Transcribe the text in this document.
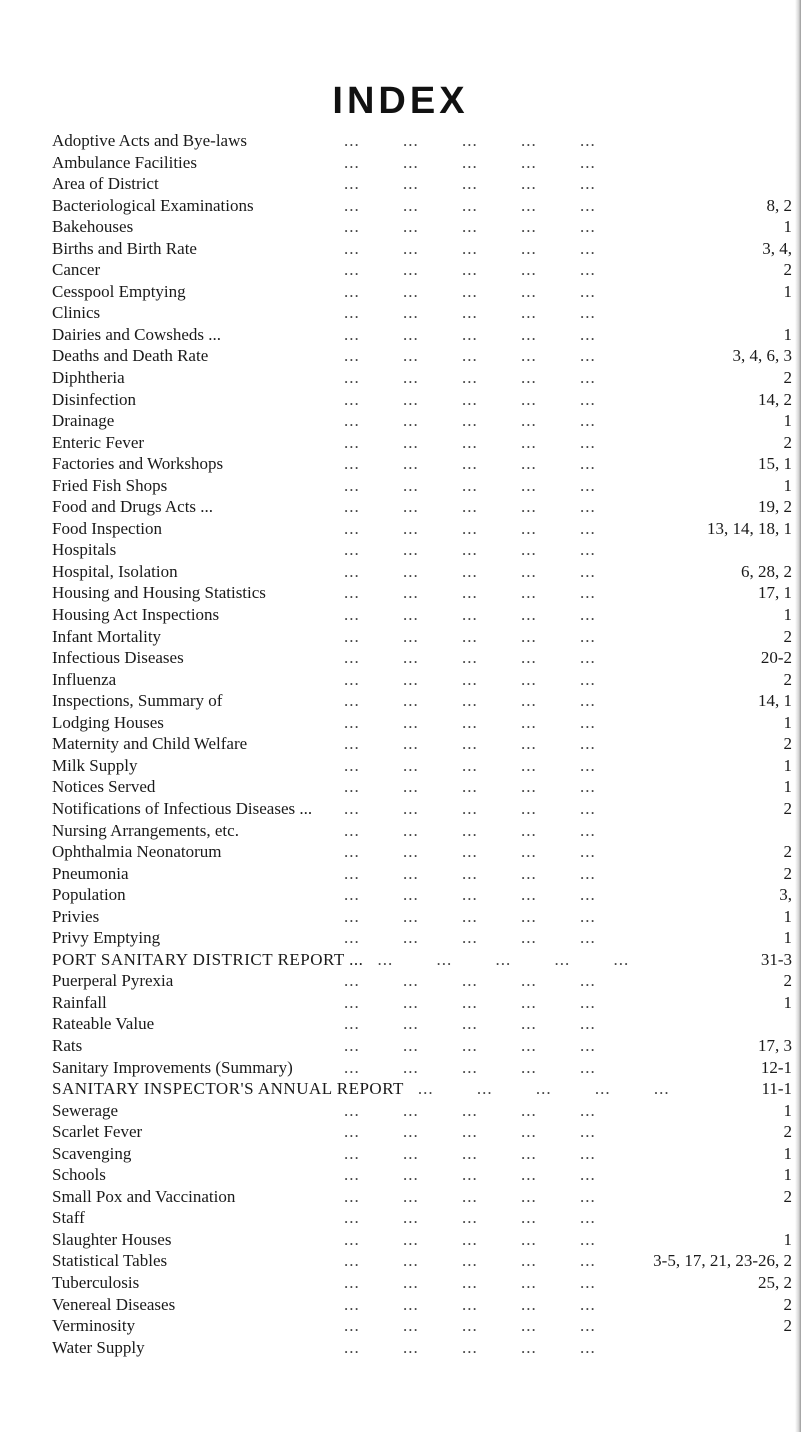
INDEX
Adoptive Acts and Bye-laws	... ... ... ... ...
Ambulance Facilities	... ... ... ... ...
Area of District	... ... ... ... ...
Bacteriological Examinations	... ... ... ... ...	8, 2
Bakehouses	... ... ... ... ...	1
Births and Birth Rate	... ... ... ... ...	3, 4,
Cancer	... ... ... ... ...	2
Cesspool Emptying	... ... ... ... ...	1
Clinics	... ... ... ... ...
Dairies and Cowsheds ...	... ... ... ... ...	1
Deaths and Death Rate	... ... ... ... ...	3, 4, 6, 3
Diphtheria	... ... ... ... ...	2
Disinfection	... ... ... ... ...	14, 2
Drainage	... ... ... ... ...	1
Enteric Fever	... ... ... ... ...	2
Factories and Workshops	... ... ... ... ...	15, 1
Fried Fish Shops	... ... ... ... ...	1
Food and Drugs Acts ...	... ... ... ... ...	19, 2
Food Inspection	... ... ... ... ...	13, 14, 18, 1
Hospitals	... ... ... ... ...
Hospital, Isolation	... ... ... ... ...	6, 28, 2
Housing and Housing Statistics	... ... ... ... ...	17, 1
Housing Act Inspections	... ... ... ... ...	1
Infant Mortality	... ... ... ... ...	2
Infectious Diseases	... ... ... ... ...	20-2
Influenza	... ... ... ... ...	2
Inspections, Summary of	... ... ... ... ...	14, 1
Lodging Houses	... ... ... ... ...	1
Maternity and Child Welfare	... ... ... ... ...	2
Milk Supply	... ... ... ... ...	1
Notices Served	... ... ... ... ...	1
Notifications of Infectious Diseases ... ... ... ... ... ...	2
Nursing Arrangements, etc.	... ... ... ... ...
Ophthalmia Neonatorum	... ... ... ... ...	2
Pneumonia	... ... ... ... ...	2
Population	... ... ... ... ...	3,
Privies	... ... ... ... ...	1
Privy Emptying	... ... ... ... ...	1
PORT SANITARY DISTRICT REPORT ... ... ... ... ... ...	31-3
Puerperal Pyrexia	... ... ... ... ...	2
Rainfall	... ... ... ... ...	1
Rateable Value	... ... ... ... ...
Rats	... ... ... ... ...	17, 3
Sanitary Improvements (Summary)	... ... ... ... ...	12-1
SANITARY INSPECTOR'S ANNUAL REPORT ... ... ... ... ...	11-1
Sewerage	... ... ... ... ...	1
Scarlet Fever	... ... ... ... ...	2
Scavenging	... ... ... ... ...	1
Schools	... ... ... ... ...	1
Small Pox and Vaccination	... ... ... ... ...	2
Staff	... ... ... ... ...
Slaughter Houses	... ... ... ... ...	1
Statistical Tables	... ... ... ... ...	3-5, 17, 21, 23-26, 2
Tuberculosis	... ... ... ... ...	25, 2
Venereal Diseases	... ... ... ... ...	2
Verminosity	... ... ... ... ...	2
Water Supply	... ... ... ... ...
